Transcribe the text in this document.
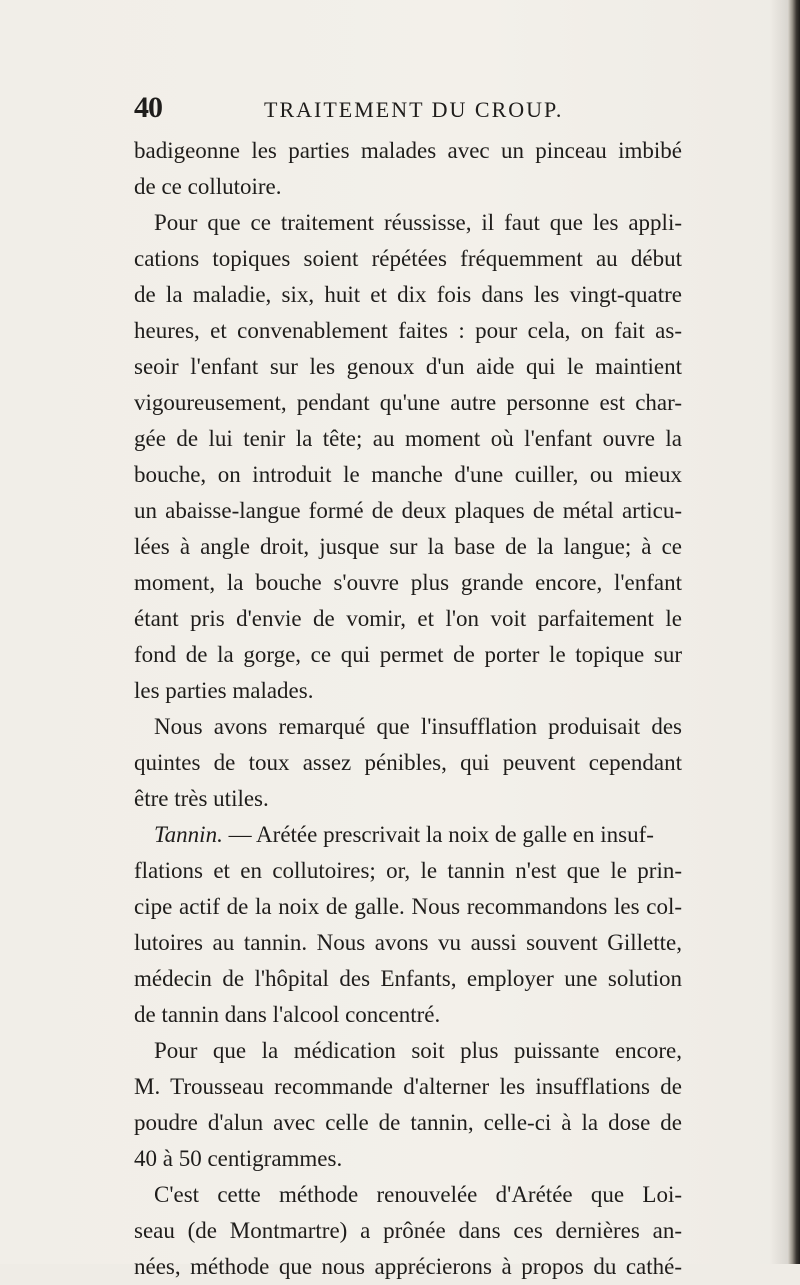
40	TRAITEMENT DU CROUP.
badigeonne les parties malades avec un pinceau imbibé
de ce collutoire.
Pour que ce traitement réussisse, il faut que les appli-
cations topiques soient répétées fréquemment au début
de la maladie, six, huit et dix fois dans les vingt-quatre
heures, et convenablement faites : pour cela, on fait as-
seoir l'enfant sur les genoux d'un aide qui le maintient
vigoureusement, pendant qu'une autre personne est char-
gée de lui tenir la tête; au moment où l'enfant ouvre la
bouche, on introduit le manche d'une cuiller, ou mieux
un abaisse-langue formé de deux plaques de métal articu-
lées à angle droit, jusque sur la base de la langue; à ce
moment, la bouche s'ouvre plus grande encore, l'enfant
étant pris d'envie de vomir, et l'on voit parfaitement le
fond de la gorge, ce qui permet de porter le topique sur
les parties malades.
Nous avons remarqué que l'insufflation produisait des
quintes de toux assez pénibles, qui peuvent cependant
être très utiles.
Tannin. — Arétée prescrivait la noix de galle en insuf-
flations et en collutoires; or, le tannin n'est que le prin-
cipe actif de la noix de galle. Nous recommandons les col-
lutoires au tannin. Nous avons vu aussi souvent Gillette,
médecin de l'hôpital des Enfants, employer une solution
de tannin dans l'alcool concentré.
Pour que la médication soit plus puissante encore,
M. Trousseau recommande d'alterner les insufflations de
poudre d'alun avec celle de tannin, celle-ci à la dose de
40 à 50 centigrammes.
C'est cette méthode renouvelée d'Arétée que Loi-
seau (de Montmartre) a prônée dans ces dernières an-
nées, méthode que nous apprécierons à propos du cathé-
